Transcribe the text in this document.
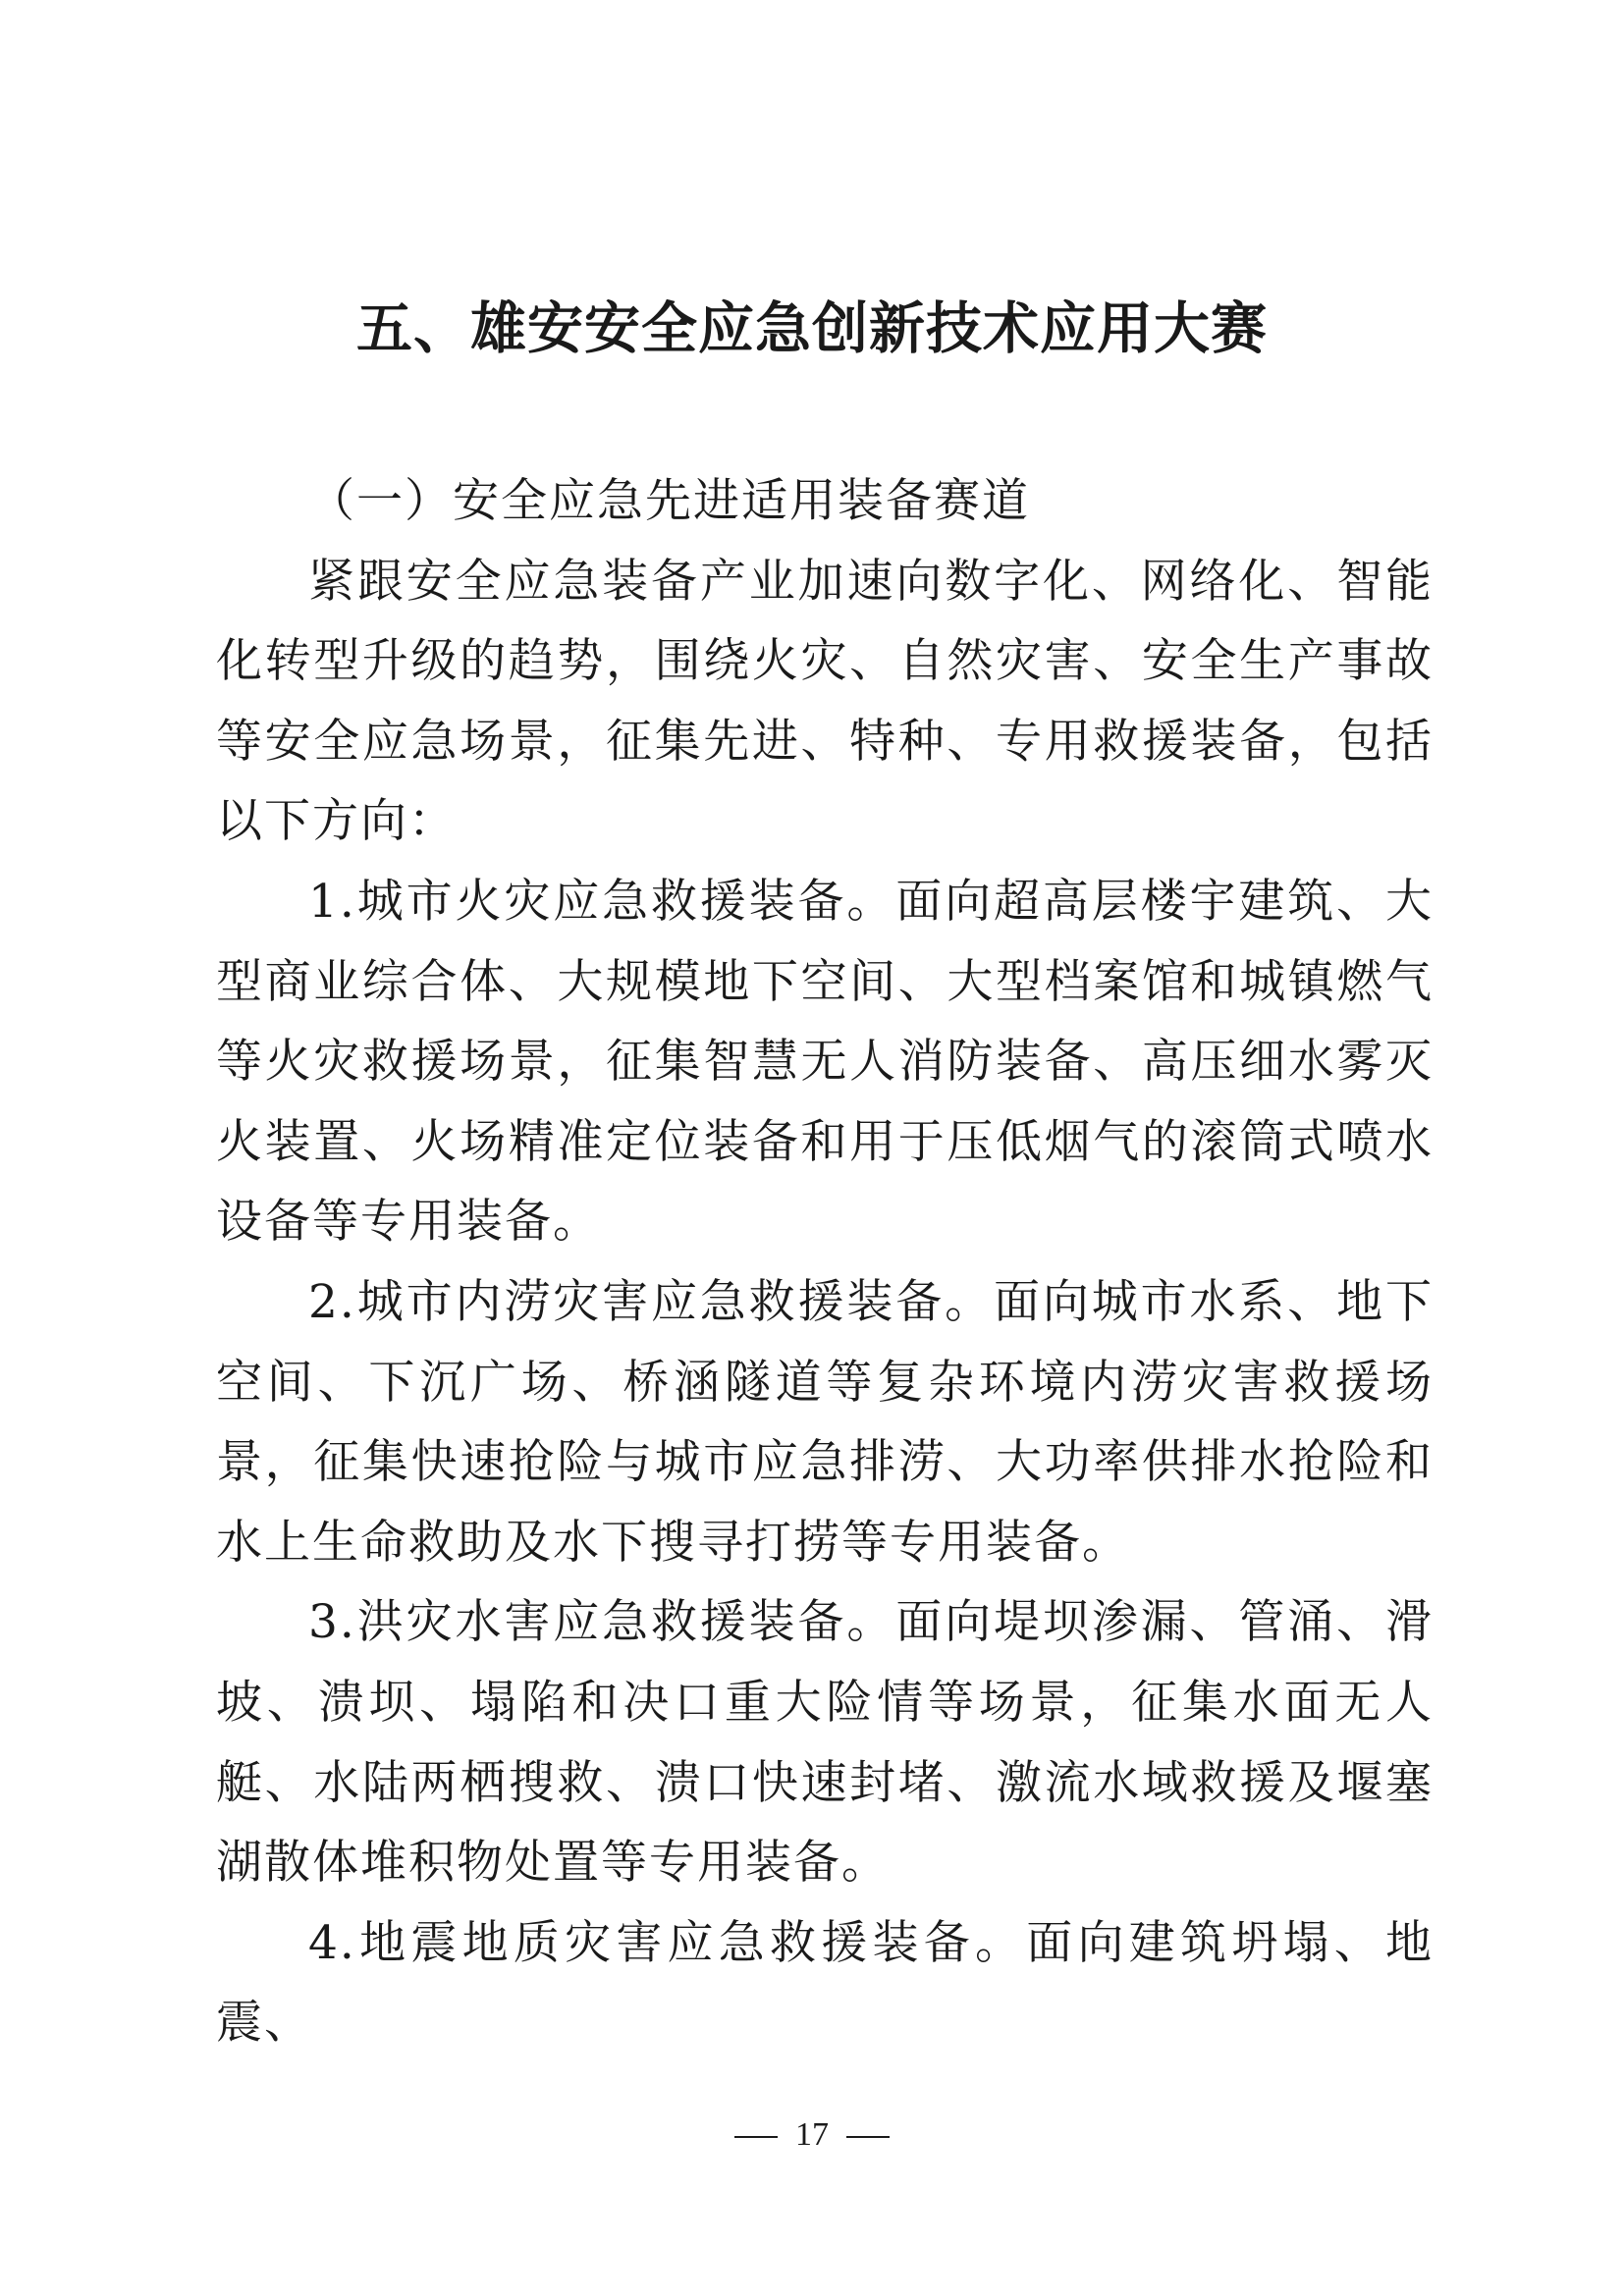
五、雄安安全应急创新技术应用大赛

（一）安全应急先进适用装备赛道

紧跟安全应急装备产业加速向数字化、网络化、智能化转型升级的趋势，围绕火灾、自然灾害、安全生产事故等安全应急场景，征集先进、特种、专用救援装备，包括以下方向：

1.城市火灾应急救援装备。面向超高层楼宇建筑、大型商业综合体、大规模地下空间、大型档案馆和城镇燃气等火灾救援场景，征集智慧无人消防装备、高压细水雾灭火装置、火场精准定位装备和用于压低烟气的滚筒式喷水设备等专用装备。

2.城市内涝灾害应急救援装备。面向城市水系、地下空间、下沉广场、桥涵隧道等复杂环境内涝灾害救援场景，征集快速抢险与城市应急排涝、大功率供排水抢险和水上生命救助及水下搜寻打捞等专用装备。

3.洪灾水害应急救援装备。面向堤坝渗漏、管涌、滑坡、溃坝、塌陷和决口重大险情等场景，征集水面无人艇、水陆两栖搜救、溃口快速封堵、激流水域救援及堰塞湖散体堆积物处置等专用装备。

4.地震地质灾害应急救援装备。面向建筑坍塌、地震、

17
